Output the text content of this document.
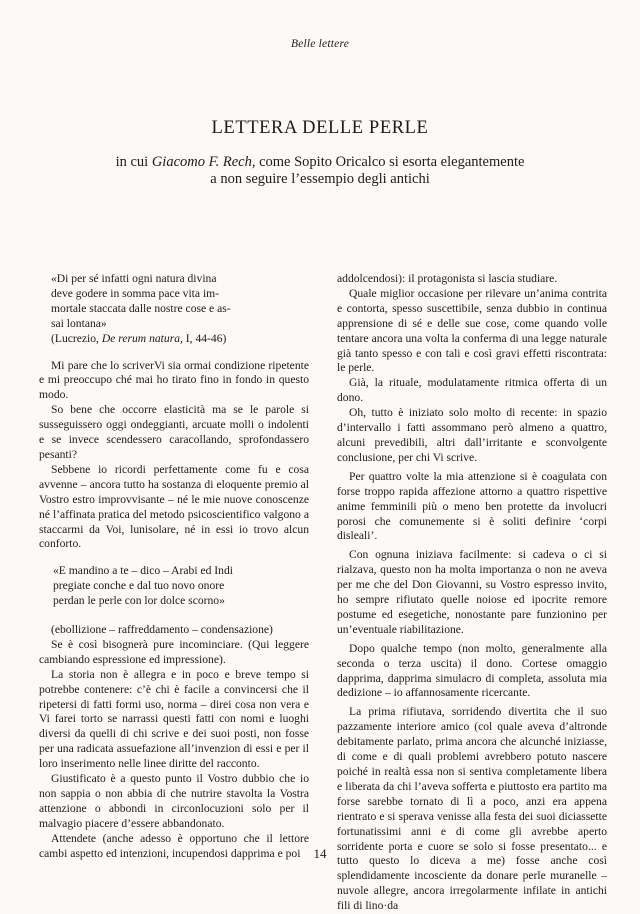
Belle lettere
LETTERA DELLE PERLE

in cui Giacomo F. Rech, come Sopito Oricalco si esorta elegantemente

a non seguire l’essempio degli antichi

«Di per sé infatti ogni natura divina
deve godere in somma pace vita im-
mortale staccata dalle nostre cose e as-
sai lontana»

(Lucrezio, De rerum natura, I, 44-46)

Mi pare che lo scriverVi sia ormai condizione ripetente e mi preoccupo ché mai ho tirato fino in fondo in questo modo.

So bene che occorre elasticità ma se le parole si susseguissero oggi ondeggianti, arcuate molli o indolenti e se invece scendessero caracollando, sprofondassero pesanti?

Sebbene io ricordi perfettamente come fu e cosa avvenne – ancora tutto ha sostanza di eloquente premio al Vostro estro improvvisante – né le mie nuove conoscenze né l’affinata pratica del metodo psicoscientifico valgono a staccarmi da Voi, lunisolare, né in essi io trovo alcun conforto.

«E mandino a te – dico – Arabi ed Indi
pregiate conche e dal tuo novo onore
perdan le perle con lor dolce scorno»

(ebollizione – raffreddamento – condensazione)

Se è così bisognerà pure incominciare. (Qui leggere cambiando espressione ed impressione).

La storia non è allegra e in poco e breve tempo si potrebbe contenere: c’è chi è facile a convincersi che il ripetersi di fatti formi uso, norma – direi cosa non vera e Vi farei torto se narrassi questi fatti con nomi e luoghi diversi da quelli di chi scrive e dei suoi posti, non fosse per una radicata assuefazione all’invenzion di essi e per il loro inserimento nelle linee diritte del racconto.

Giustificato è a questo punto il Vostro dubbio che io non sappia o non abbia di che nutrire stavolta la Vostra attenzione o abbondi in circonlocuzioni solo per il malvagio piacere d’essere abbandonato.

Attendete (anche adesso è opportuno che il lettore cambi aspetto ed intenzioni, incupendosi dapprima e poi

addolcendosi): il protagonista si lascia studiare.

Quale miglior occasione per rilevare un’anima contrita e contorta, spesso suscettibile, senza dubbio in continua apprensione di sé e delle sue cose, come quando volle tentare ancora una volta la conferma di una legge naturale già tanto spesso e con tali e così gravi effetti riscontrata: le perle.

Già, la rituale, modulatamente ritmica offerta di un dono.

Oh, tutto è iniziato solo molto di recente: in spazio d’intervallo i fatti assommano però almeno a quattro, alcuni prevedibili, altri dall’irritante e sconvolgente conclusione, per chi Vi scrive.

Per quattro volte la mia attenzione si è coagulata con forse troppo rapida affezione attorno a quattro rispettive anime femminili più o meno ben protette da involucri porosi che comunemente si è soliti definire ‘corpi disleali’.

Con ognuna iniziava facilmente: si cadeva o ci si rialzava, questo non ha molta importanza o non ne aveva per me che del Don Giovanni, su Vostro espresso invito, ho sempre rifiutato quelle noiose ed ipocrite remore postume ed esegetiche, nonostante pare funzionino per un’eventuale riabilitazione.

Dopo qualche tempo (non molto, generalmente alla seconda o terza uscita) il dono. Cortese omaggio dapprima, dapprima simulacro di completa, assoluta mia dedizione – io affannosamente ricercante.

La prima rifiutava, sorridendo divertita che il suo pazzamente interiore amico (col quale aveva d’altronde debitamente parlato, prima ancora che alcunché iniziasse, di come e di quali problemi avrebbero potuto nascere poiché in realtà essa non si sentiva completamente libera e liberata da chi l’aveva sofferta e piuttosto era partito ma forse sarebbe tornato di lì a poco, anzi era appena rientrato e si sperava venisse alla festa dei suoi diciassette fortunatissimi anni e di come gli avrebbe aperto sorridente porta e cuore se solo si fosse presentato... e tutto questo lo diceva a me) fosse anche così splendidamente incosciente da donare perle muranelle – nuvole allegre, ancora irregolarmente infilate in antichi fili di lino·da

14
